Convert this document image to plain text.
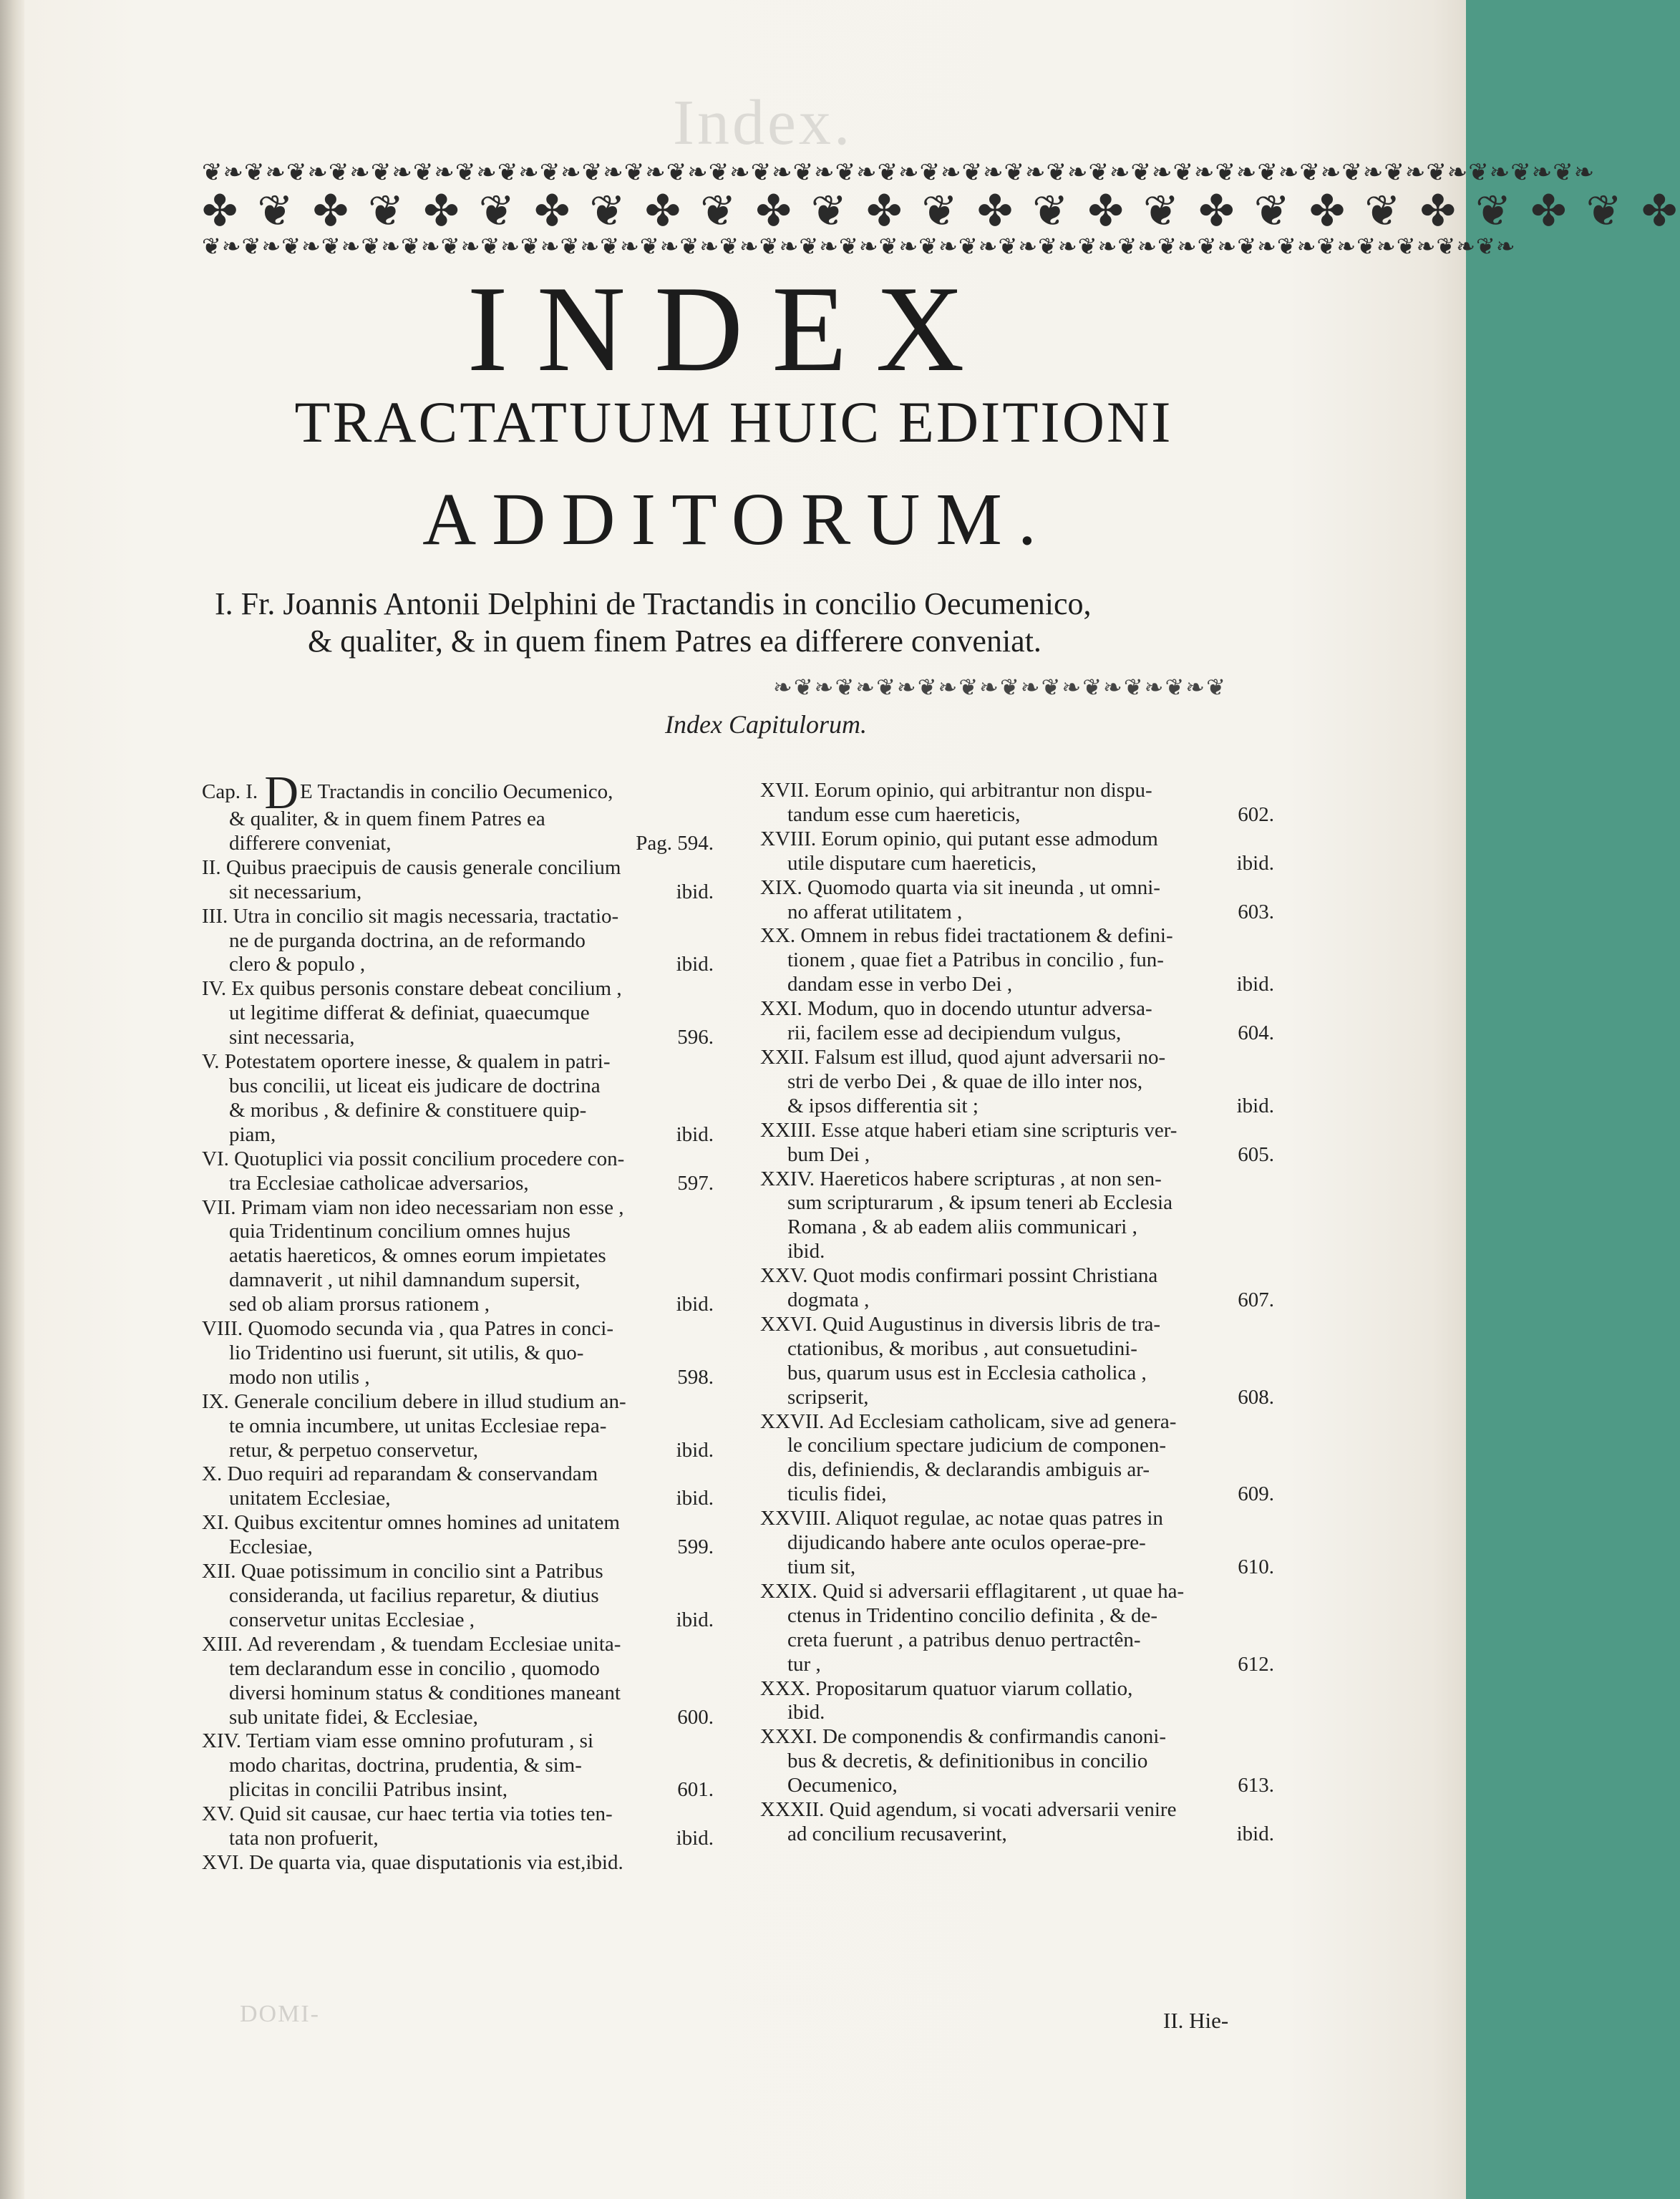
Index.
❦❧❦❧❦❧❦❧❦❧❦❧❦❧❦❧❦❧❦❧❦❧❦❧❦❧❦❧❦❧❦❧❦❧❦❧❦❧❦❧❦❧❦❧❦❧❦❧❦❧❦❧❦❧❦❧❦❧❦❧❦❧❦❧❦❧
✤ ❦ ✤ ❦ ✤ ❦ ✤ ❦ ✤ ❦ ✤ ❦ ✤ ❦ ✤ ❦ ✤ ❦ ✤ ❦ ✤ ❦ ✤ ❦ ✤ ❦ ✤
❦❧❦❧❦❧❦❧❦❧❦❧❦❧❦❧❦❧❦❧❦❧❦❧❦❧❦❧❦❧❦❧❦❧❦❧❦❧❦❧❦❧❦❧❦❧❦❧❦❧❦❧❦❧❦❧❦❧❦❧❦❧❦❧❦❧
INDEX
TRACTATUUM HUIC EDITIONI
ADDITORUM.
I. Fr. Joannis Antonii Delphini de Tractandis in concilio Oecumenico,
& qualiter, & in quem finem Patres ea differere conveniat.
❧❦❧❦❧❦❧❦❧❦❧❦❧❦❧❦❧❦❧❦❧❦
Index Capitulorum.
Cap. I. DE Tractandis in concilio Oecumenico,
& qualiter, & in quem finem Patres ea
differere conveniat,	Pag. 594.
II. Quibus praecipuis de causis generale concilium
sit necessarium,	ibid.
III. Utra in concilio sit magis necessaria, tractatio-
ne de purganda doctrina, an de reformando
clero & populo ,	ibid.
IV. Ex quibus personis constare debeat concilium ,
ut legitime differat & definiat, quaecumque
sint necessaria,	596.
V. Potestatem oportere inesse, & qualem in patri-
bus concilii, ut liceat eis judicare de doctrina
& moribus , & definire & constituere quip-
piam,	ibid.
VI. Quotuplici via possit concilium procedere con-
tra Ecclesiae catholicae adversarios,	597.
VII. Primam viam non ideo necessariam non esse ,
quia Tridentinum concilium omnes hujus
aetatis haereticos, & omnes eorum impietates
damnaverit , ut nihil damnandum supersit,
sed ob aliam prorsus rationem ,	ibid.
VIII. Quomodo secunda via , qua Patres in conci-
lio Tridentino usi fuerunt, sit utilis, & quo-
modo non utilis ,	598.
IX. Generale concilium debere in illud studium an-
te omnia incumbere, ut unitas Ecclesiae repa-
retur, & perpetuo conservetur,	ibid.
X. Duo requiri ad reparandam & conservandam
unitatem Ecclesiae,	ibid.
XI. Quibus excitentur omnes homines ad unitatem
Ecclesiae,	599.
XII. Quae potissimum in concilio sint a Patribus
consideranda, ut facilius reparetur, & diutius
conservetur unitas Ecclesiae ,	ibid.
XIII. Ad reverendam , & tuendam Ecclesiae unita-
tem declarandum esse in concilio , quomodo
diversi hominum status & conditiones maneant
sub unitate fidei, & Ecclesiae,	600.
XIV. Tertiam viam esse omnino profuturam , si
modo charitas, doctrina, prudentia, & sim-
plicitas in concilii Patribus insint,	601.
XV. Quid sit causae, cur haec tertia via toties ten-
tata non profuerit,	ibid.
XVI. De quarta via, quae disputationis via est,ibid.
XVII. Eorum opinio, qui arbitrantur non dispu-
tandum esse cum haereticis,	602.
XVIII. Eorum opinio, qui putant esse admodum
utile disputare cum haereticis,	ibid.
XIX. Quomodo quarta via sit ineunda , ut omni-
no afferat utilitatem ,	603.
XX. Omnem in rebus fidei tractationem & defini-
tionem , quae fiet a Patribus in concilio , fun-
dandam esse in verbo Dei ,	ibid.
XXI. Modum, quo in docendo utuntur adversa-
rii, facilem esse ad decipiendum vulgus,	604.
XXII. Falsum est illud, quod ajunt adversarii no-
stri de verbo Dei , & quae de illo inter nos,
& ipsos differentia sit ;	ibid.
XXIII. Esse atque haberi etiam sine scripturis ver-
bum Dei ,	605.
XXIV. Haereticos habere scripturas , at non sen-
sum scripturarum , & ipsum teneri ab Ecclesia
Romana , & ab eadem aliis communicari ,
ibid.
XXV. Quot modis confirmari possint Christiana
dogmata ,	607.
XXVI. Quid Augustinus in diversis libris de tra-
ctationibus, & moribus , aut consuetudini-
bus, quarum usus est in Ecclesia catholica ,
scripserit,	608.
XXVII. Ad Ecclesiam catholicam, sive ad genera-
le concilium spectare judicium de componen-
dis, definiendis, & declarandis ambiguis ar-
ticulis fidei,	609.
XXVIII. Aliquot regulae, ac notae quas patres in
dijudicando habere ante oculos operae-pre-
tium sit,	610.
XXIX. Quid si adversarii efflagitarent , ut quae ha-
ctenus in Tridentino concilio definita , & de-
creta fuerunt , a patribus denuo pertractên-
tur ,	612.
XXX. Propositarum quatuor viarum collatio,
ibid.
XXXI. De componendis & confirmandis canoni-
bus & decretis, & definitionibus in concilio
Oecumenico,	613.
XXXII. Quid agendum, si vocati adversarii venire
ad concilium recusaverint,	ibid.
DOMI-	II. Hie-
